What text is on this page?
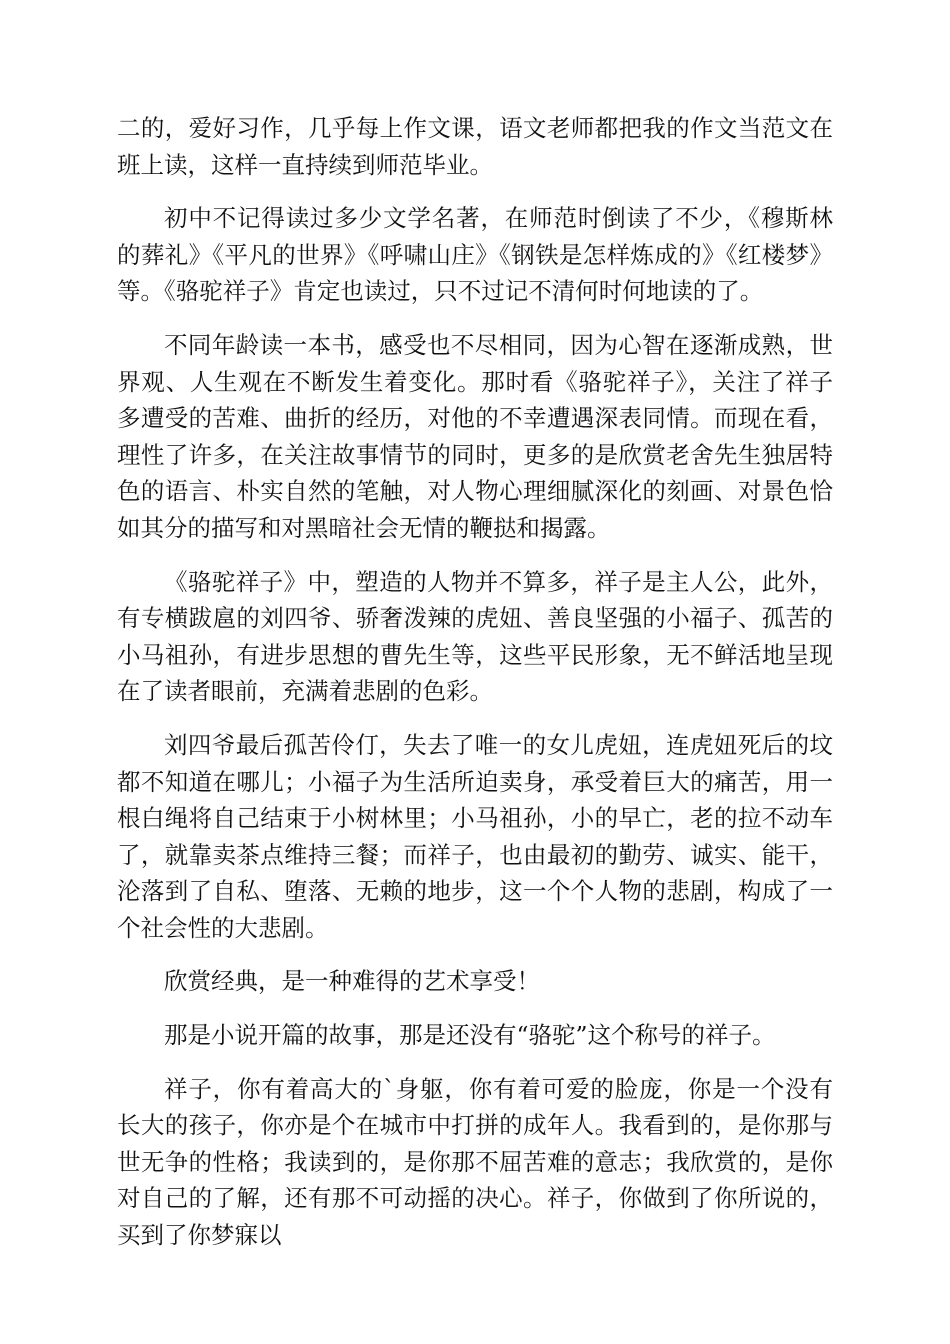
二的，爱好习作，几乎每上作文课，语文老师都把我的作文当范文在班上读，这样一直持续到师范毕业。

初中不记得读过多少文学名著，在师范时倒读了不少，《穆斯林的葬礼》《平凡的世界》《呼啸山庄》《钢铁是怎样炼成的》《红楼梦》等。《骆驼祥子》肯定也读过，只不过记不清何时何地读的了。

不同年龄读一本书，感受也不尽相同，因为心智在逐渐成熟，世界观、人生观在不断发生着变化。那时看《骆驼祥子》，关注了祥子多遭受的苦难、曲折的经历，对他的不幸遭遇深表同情。而现在看，理性了许多，在关注故事情节的同时，更多的是欣赏老舍先生独居特色的语言、朴实自然的笔触，对人物心理细腻深化的刻画、对景色恰如其分的描写和对黑暗社会无情的鞭挞和揭露。

《骆驼祥子》中，塑造的人物并不算多，祥子是主人公，此外，有专横跋扈的刘四爷、骄奢泼辣的虎妞、善良坚强的小福子、孤苦的小马祖孙，有进步思想的曹先生等，这些平民形象，无不鲜活地呈现在了读者眼前，充满着悲剧的色彩。

刘四爷最后孤苦伶仃，失去了唯一的女儿虎妞，连虎妞死后的坟都不知道在哪儿；小福子为生活所迫卖身，承受着巨大的痛苦，用一根白绳将自己结束于小树林里；小马祖孙，小的早亡，老的拉不动车了，就靠卖茶点维持三餐；而祥子，也由最初的勤劳、诚实、能干，沦落到了自私、堕落、无赖的地步，这一个个人物的悲剧，构成了一个社会性的大悲剧。

欣赏经典，是一种难得的艺术享受！

那是小说开篇的故事，那是还没有“骆驼”这个称号的祥子。

祥子，你有着高大的`身躯，你有着可爱的脸庞，你是一个没有长大的孩子，你亦是个在城市中打拼的成年人。我看到的，是你那与世无争的性格；我读到的，是你那不屈苦难的意志；我欣赏的，是你对自己的了解，还有那不可动摇的决心。祥子，你做到了你所说的，买到了你梦寐以
